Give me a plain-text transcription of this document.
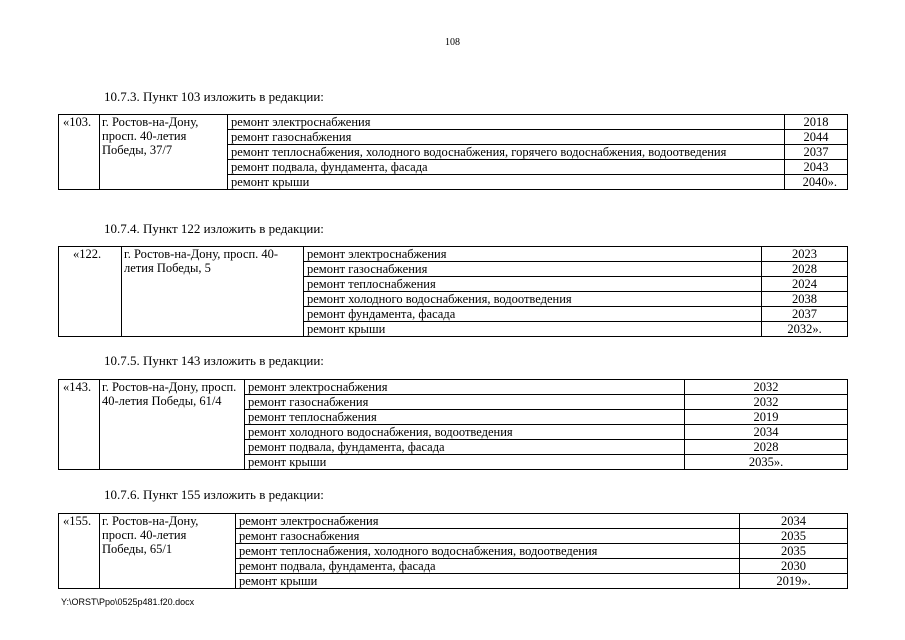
108
10.7.3. Пункт 103 изложить в редакции:
«103.	г. Ростов-на-Дону, просп. 40-летия Победы, 37/7	ремонт электроснабжения	2018
		ремонт газоснабжения	2044
		ремонт теплоснабжения, холодного водоснабжения, горячего водоснабжения, водоотведения	2037
		ремонт подвала, фундамента, фасада	2043
		ремонт крыши	2040».
10.7.4. Пункт 122 изложить в редакции:
«122.	г. Ростов-на-Дону, просп. 40-летия Победы, 5	ремонт электроснабжения	2023
		ремонт газоснабжения	2028
		ремонт теплоснабжения	2024
		ремонт холодного водоснабжения, водоотведения	2038
		ремонт фундамента, фасада	2037
		ремонт крыши	2032».
10.7.5. Пункт 143 изложить в редакции:
«143.	г. Ростов-на-Дону, просп. 40-летия Победы, 61/4	ремонт электроснабжения	2032
		ремонт газоснабжения	2032
		ремонт теплоснабжения	2019
		ремонт холодного водоснабжения, водоотведения	2034
		ремонт подвала, фундамента, фасада	2028
		ремонт крыши	2035».
10.7.6. Пункт 155 изложить в редакции:
«155.	г. Ростов-на-Дону, просп. 40-летия Победы, 65/1	ремонт электроснабжения	2034
		ремонт газоснабжения	2035
		ремонт теплоснабжения, холодного водоснабжения, водоотведения	2035
		ремонт подвала, фундамента, фасада	2030
		ремонт крыши	2019».
Y:\ORST\Ppo\0525p481.f20.docx
